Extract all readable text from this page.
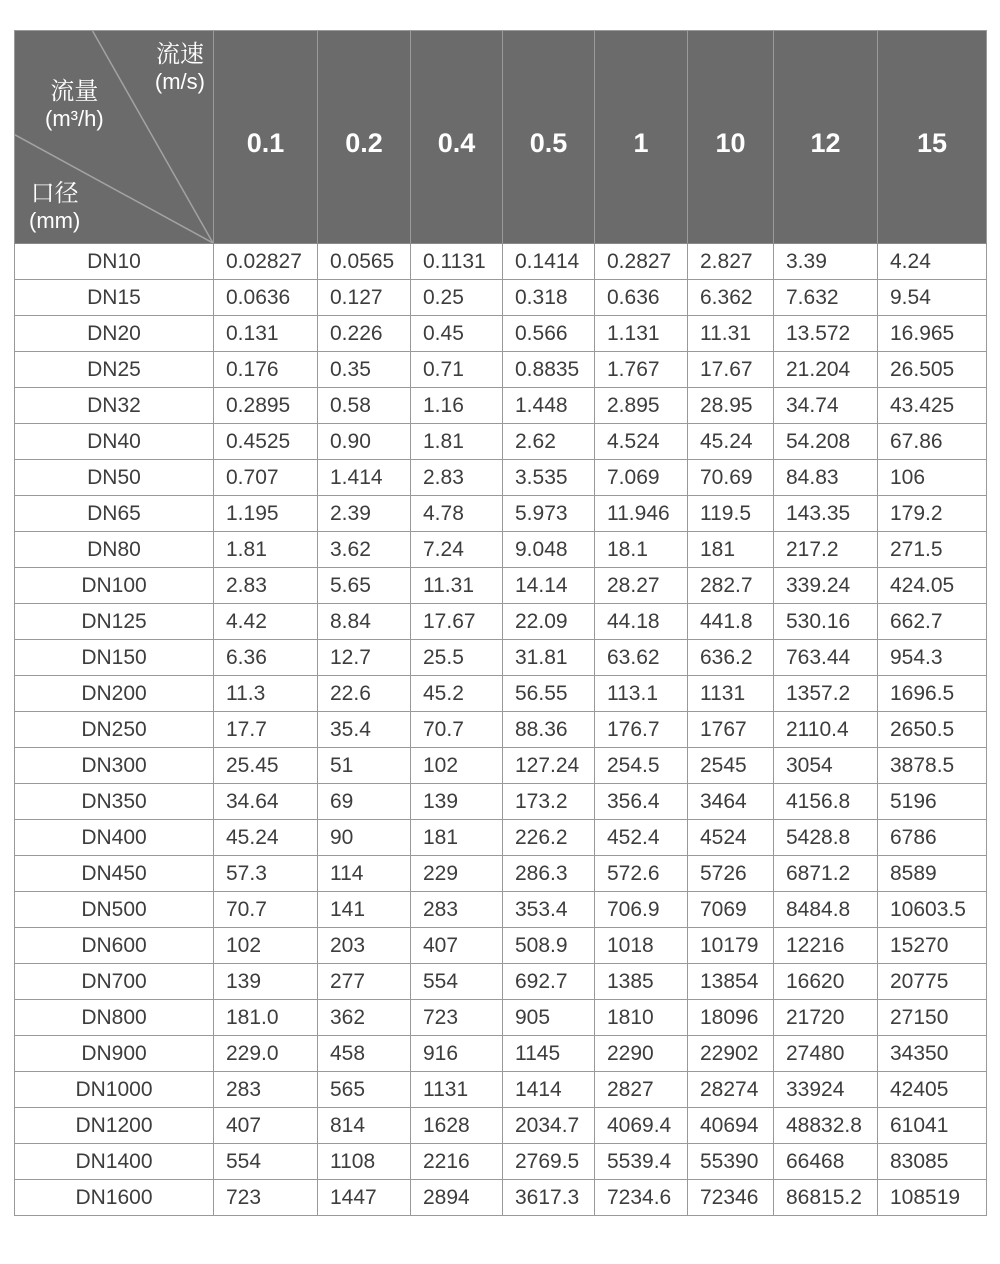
流速
(m/s)
流量
(m³/h)
口径
(mm)
	0.1	0.2	0.4	0.5	1	10	12	15
DN10	0.02827	0.0565	0.1131	0.1414	0.2827	2.827	3.39	4.24
DN15	0.0636	0.127	0.25	0.318	0.636	6.362	7.632	9.54
DN20	0.131	0.226	0.45	0.566	1.131	11.31	13.572	16.965
DN25	0.176	0.35	0.71	0.8835	1.767	17.67	21.204	26.505
DN32	0.2895	0.58	1.16	1.448	2.895	28.95	34.74	43.425
DN40	0.4525	0.90	1.81	2.62	4.524	45.24	54.208	67.86
DN50	0.707	1.414	2.83	3.535	7.069	70.69	84.83	106
DN65	1.195	2.39	4.78	5.973	11.946	119.5	143.35	179.2
DN80	1.81	3.62	7.24	9.048	18.1	181	217.2	271.5
DN100	2.83	5.65	11.31	14.14	28.27	282.7	339.24	424.05
DN125	4.42	8.84	17.67	22.09	44.18	441.8	530.16	662.7
DN150	6.36	12.7	25.5	31.81	63.62	636.2	763.44	954.3
DN200	11.3	22.6	45.2	56.55	113.1	1131	1357.2	1696.5
DN250	17.7	35.4	70.7	88.36	176.7	1767	2110.4	2650.5
DN300	25.45	51	102	127.24	254.5	2545	3054	3878.5
DN350	34.64	69	139	173.2	356.4	3464	4156.8	5196
DN400	45.24	90	181	226.2	452.4	4524	5428.8	6786
DN450	57.3	114	229	286.3	572.6	5726	6871.2	8589
DN500	70.7	141	283	353.4	706.9	7069	8484.8	10603.5
DN600	102	203	407	508.9	1018	10179	12216	15270
DN700	139	277	554	692.7	1385	13854	16620	20775
DN800	181.0	362	723	905	1810	18096	21720	27150
DN900	229.0	458	916	1145	2290	22902	27480	34350
DN1000	283	565	1131	1414	2827	28274	33924	42405
DN1200	407	814	1628	2034.7	4069.4	40694	48832.8	61041
DN1400	554	1108	2216	2769.5	5539.4	55390	66468	83085
DN1600	723	1447	2894	3617.3	7234.6	72346	86815.2	108519
